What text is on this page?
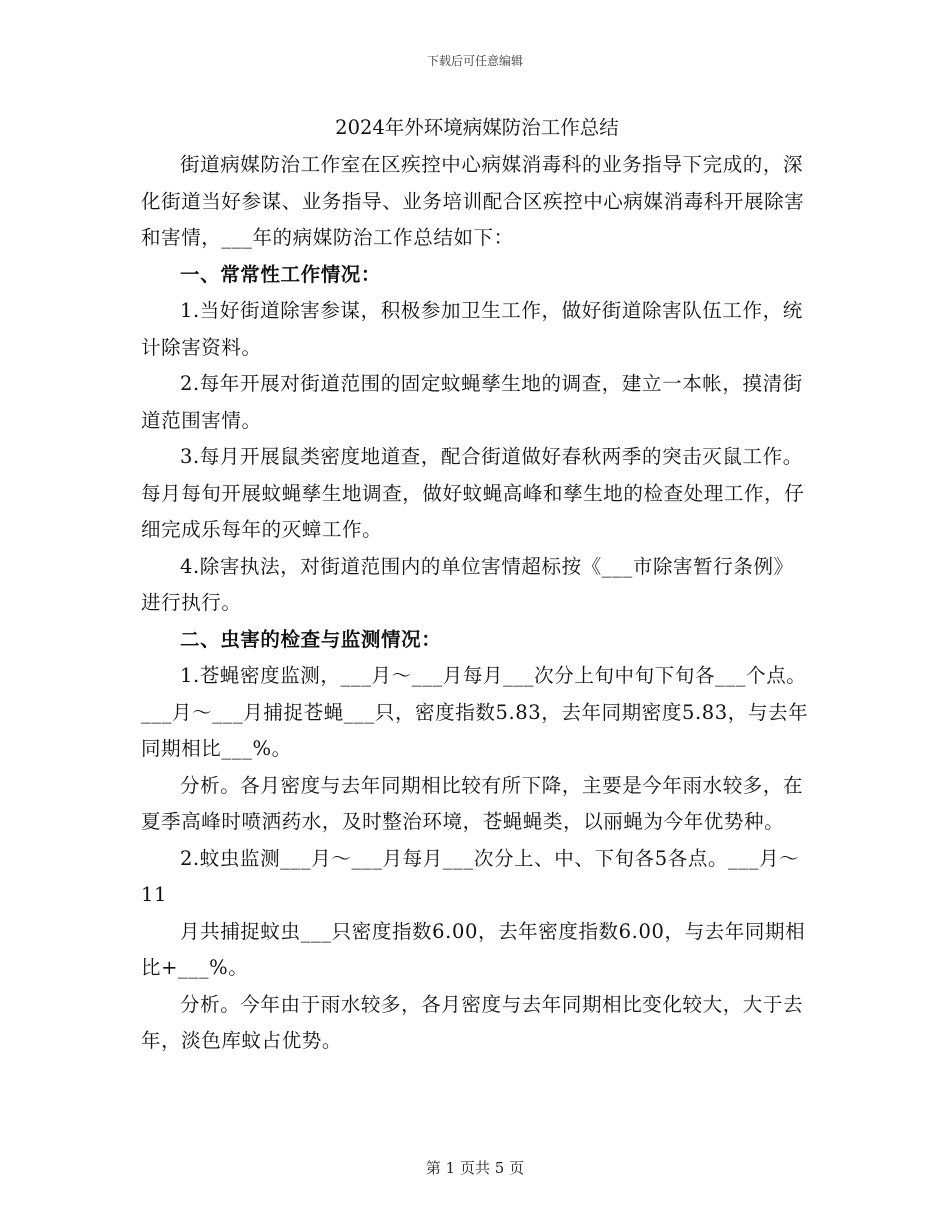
下载后可任意编辑
2024年外环境病媒防治工作总结

街道病媒防治工作室在区疾控中心病媒消毒科的业务指导下完成的，深化街道当好参谋、业务指导、业务培训配合区疾控中心病媒消毒科开展除害和害情，___年的病媒防治工作总结如下：

一、常常性工作情况：

1.当好街道除害参谋，积极参加卫生工作，做好街道除害队伍工作，统计除害资料。

2.每年开展对街道范围的固定蚊蝇孳生地的调查，建立一本帐，摸清街道范围害情。

3.每月开展鼠类密度地道查，配合街道做好春秋两季的突击灭鼠工作。每月每旬开展蚊蝇孳生地调查，做好蚊蝇高峰和孳生地的检查处理工作，仔细完成乐每年的灭蟑工作。

4.除害执法，对街道范围内的单位害情超标按《___市除害暂行条例》进行执行。

二、虫害的检查与监测情况：

1.苍蝇密度监测，___月～___月每月___次分上旬中旬下旬各___个点。___月～___月捕捉苍蝇___只，密度指数5.83，去年同期密度5.83，与去年同期相比___%。

分析。各月密度与去年同期相比较有所下降，主要是今年雨水较多，在夏季高峰时喷洒药水，及时整治环境，苍蝇蝇类，以丽蝇为今年优势种。

2.蚊虫监测___月～___月每月___次分上、中、下旬各5各点。___月～11

月共捕捉蚊虫___只密度指数6.00，去年密度指数6.00，与去年同期相比+___%。

分析。今年由于雨水较多，各月密度与去年同期相比变化较大，大于去年，淡色库蚊占优势。

第 1 页共 5 页
